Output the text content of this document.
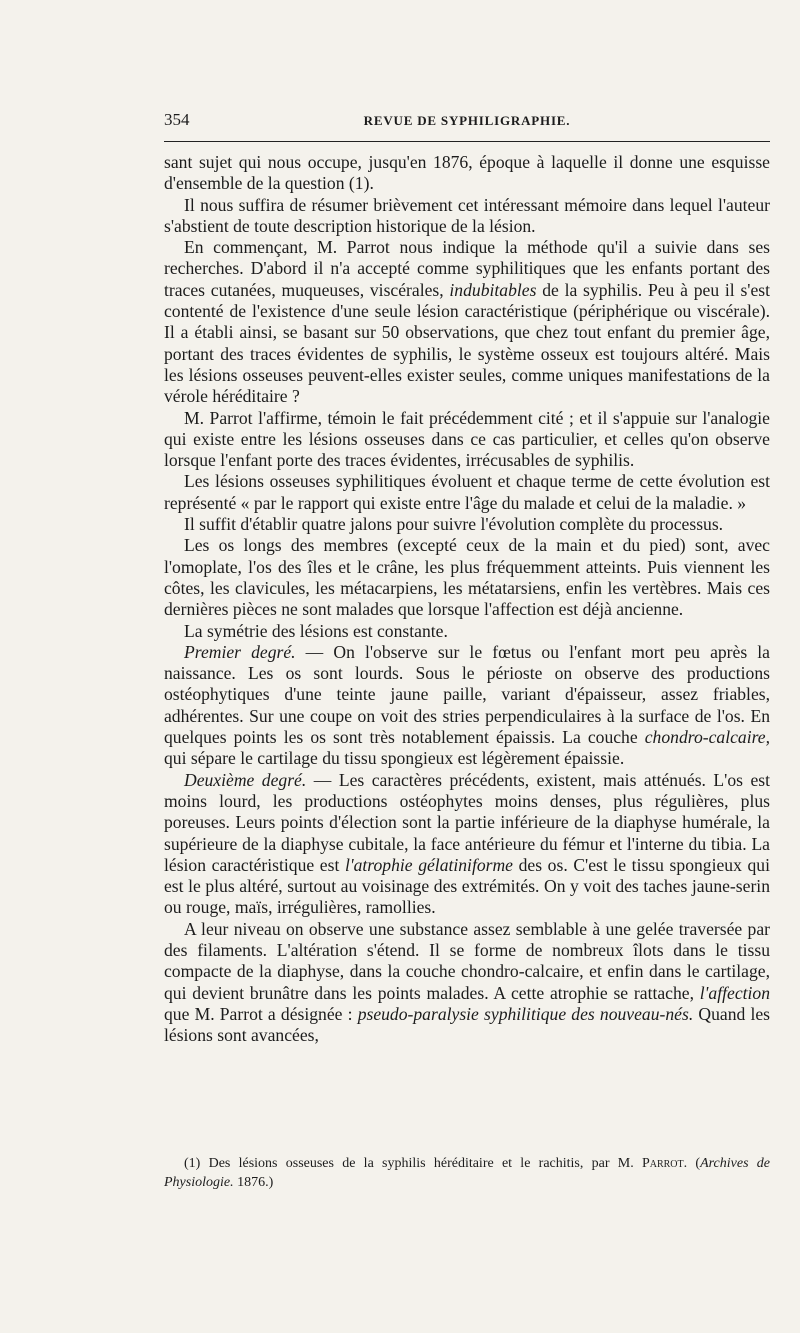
354	REVUE DE SYPHILIGRAPHIE.

sant sujet qui nous occupe, jusqu'en 1876, époque à laquelle il donne une esquisse d'ensemble de la question (1).

Il nous suffira de résumer brièvement cet intéressant mémoire dans lequel l'auteur s'abstient de toute description historique de la lésion.

En commençant, M. Parrot nous indique la méthode qu'il a suivie dans ses recherches. D'abord il n'a accepté comme syphilitiques que les enfants portant des traces cutanées, muqueuses, viscérales, indubitables de la syphilis. Peu à peu il s'est contenté de l'existence d'une seule lésion caractéristique (périphérique ou viscérale). Il a établi ainsi, se basant sur 50 observations, que chez tout enfant du premier âge, portant des traces évidentes de syphilis, le système osseux est toujours altéré. Mais les lésions osseuses peuvent-elles exister seules, comme uniques manifestations de la vérole héréditaire ?

M. Parrot l'affirme, témoin le fait précédemment cité ; et il s'appuie sur l'analogie qui existe entre les lésions osseuses dans ce cas particulier, et celles qu'on observe lorsque l'enfant porte des traces évidentes, irrécusables de syphilis.

Les lésions osseuses syphilitiques évoluent et chaque terme de cette évolution est représenté « par le rapport qui existe entre l'âge du malade et celui de la maladie. »

Il suffit d'établir quatre jalons pour suivre l'évolution complète du processus.

Les os longs des membres (excepté ceux de la main et du pied) sont, avec l'omoplate, l'os des îles et le crâne, les plus fréquemment atteints. Puis viennent les côtes, les clavicules, les métacarpiens, les métatarsiens, enfin les vertèbres. Mais ces dernières pièces ne sont malades que lorsque l'affection est déjà ancienne.

La symétrie des lésions est constante.

Premier degré. — On l'observe sur le fœtus ou l'enfant mort peu après la naissance. Les os sont lourds. Sous le périoste on observe des productions ostéophytiques d'une teinte jaune paille, variant d'épaisseur, assez friables, adhérentes. Sur une coupe on voit des stries perpendiculaires à la surface de l'os. En quelques points les os sont très notablement épaissis. La couche chondro-calcaire, qui sépare le cartilage du tissu spongieux est légèrement épaissie.

Deuxième degré. — Les caractères précédents, existent, mais atténués. L'os est moins lourd, les productions ostéophytes moins denses, plus régulières, plus poreuses. Leurs points d'élection sont la partie inférieure de la diaphyse humérale, la supérieure de la diaphyse cubitale, la face antérieure du fémur et l'interne du tibia. La lésion caractéristique est l'atrophie gélatiniforme des os. C'est le tissu spongieux qui est le plus altéré, surtout au voisinage des extrémités. On y voit des taches jaune-serin ou rouge, maïs, irrégulières, ramollies.

A leur niveau on observe une substance assez semblable à une gelée traversée par des filaments. L'altération s'étend. Il se forme de nombreux îlots dans le tissu compacte de la diaphyse, dans la couche chondro-calcaire, et enfin dans le cartilage, qui devient brunâtre dans les points malades. A cette atrophie se rattache, l'affection que M. Parrot a désignée : pseudo-paralysie syphilitique des nouveau-nés. Quand les lésions sont avancées,

(1) Des lésions osseuses de la syphilis héréditaire et le rachitis, par M. Parrot. (Archives de Physiologie. 1876.)
